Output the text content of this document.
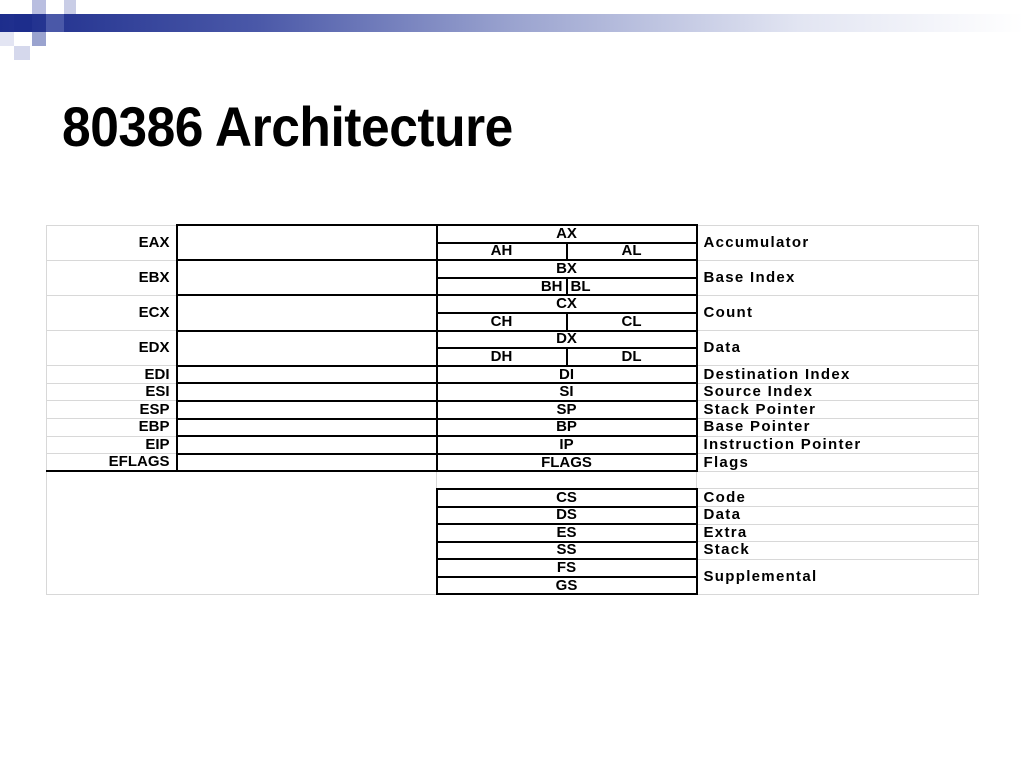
80386 Architecture
EAX		AX		Accumulator
		AH	AL	
EBX		BX		Base Index
		BH	BL	
ECX		CX		Count
		CH	CL	
EDX		DX		Data
		DH	DL	
EDI		DI		Destination Index
ESI		SI		Source Index
ESP		SP		Stack Pointer
EBP		BP		Base Pointer
EIP		IP		Instruction Pointer
EFLAGS		FLAGS		Flags

		CS		Code
		DS		Data
		ES		Extra
		SS		Stack
		FS		Supplemental
		GS		
